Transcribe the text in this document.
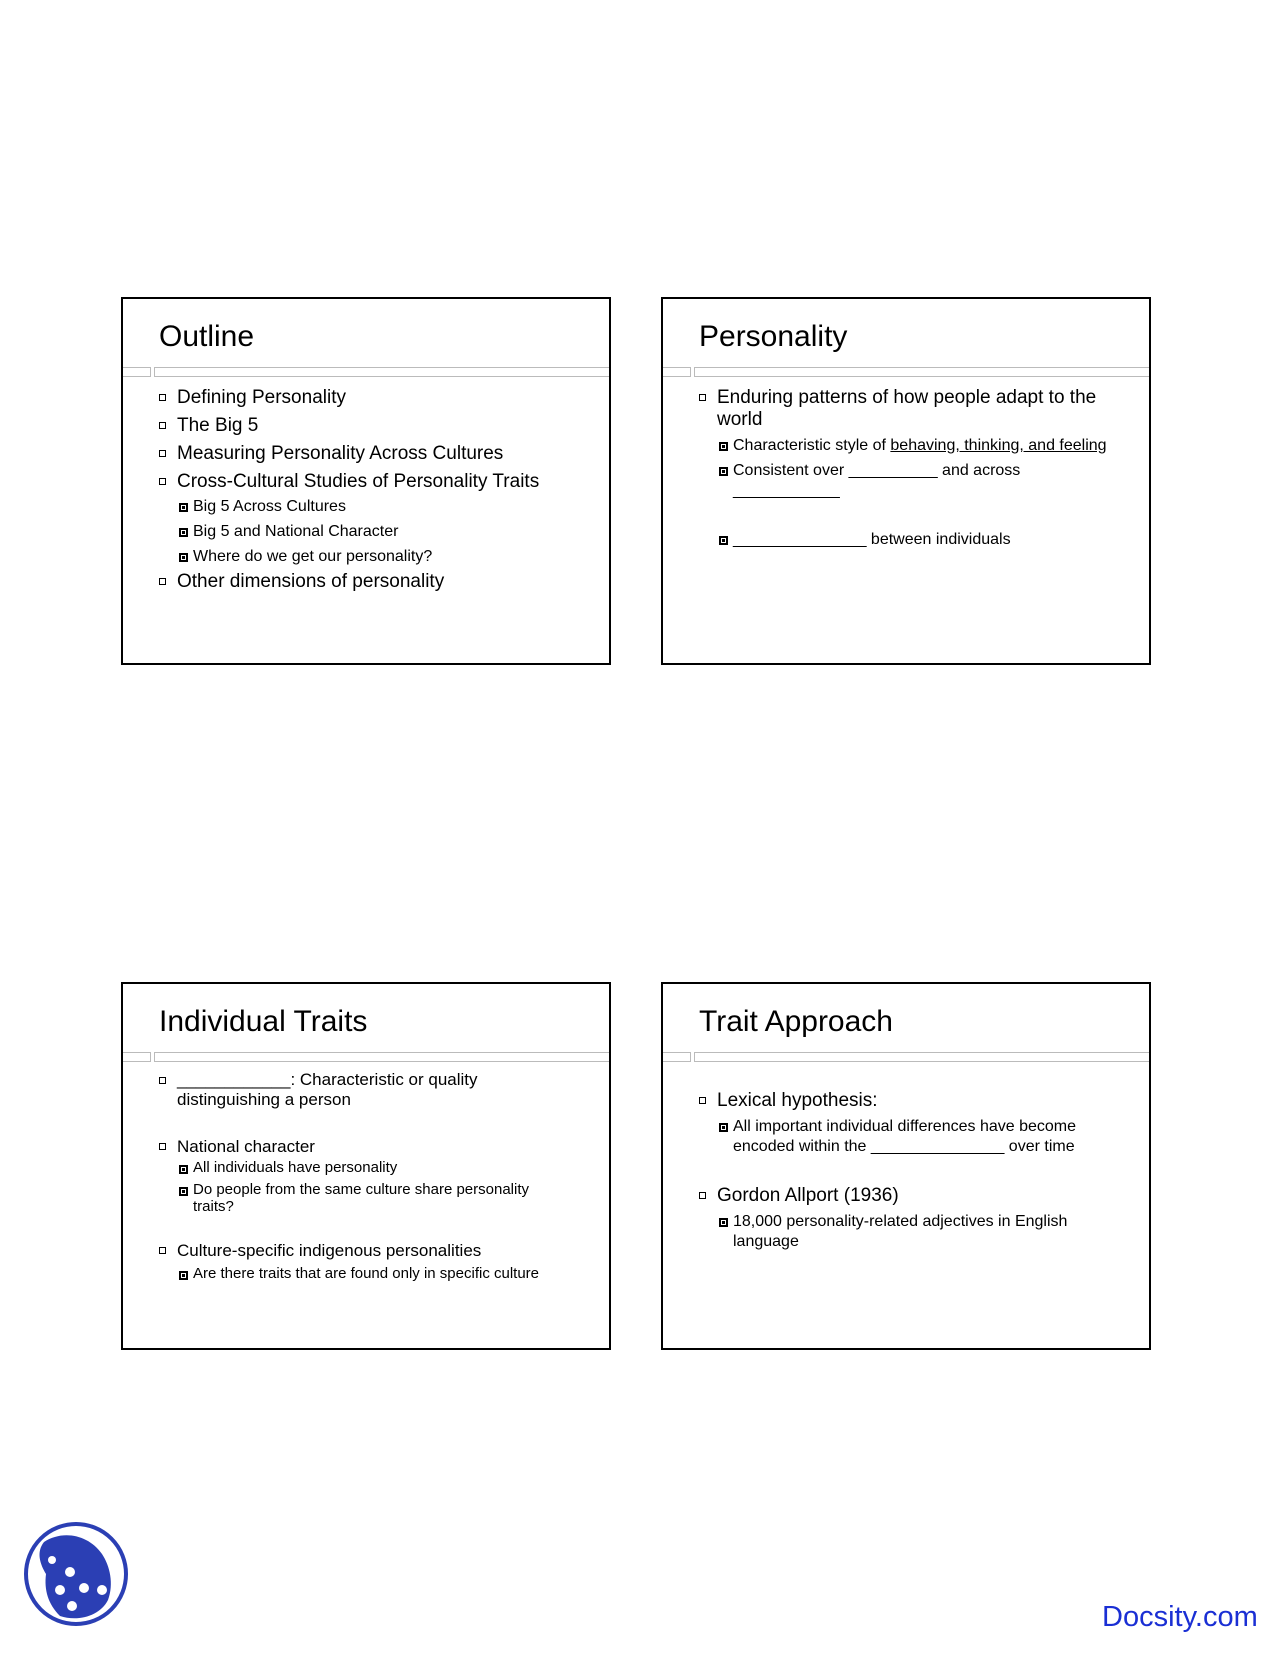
Outline
Defining Personality
The Big 5
Measuring Personality Across Cultures
Cross-Cultural Studies of Personality Traits
Big 5 Across Cultures
Big 5 and National Character
Where do we get our personality?
Other dimensions of personality
Personality
Enduring patterns of how people adapt to the world
Characteristic style of behaving, thinking, and feeling
Consistent over __________ and across ____________
_______________ between individuals
Individual Traits
____________: Characteristic or quality distinguishing a person
National character
All individuals have personality
Do people from the same culture share personality traits?
Culture-specific indigenous personalities
Are there traits that are found only in specific culture
Trait Approach
Lexical hypothesis:
All important individual differences have become encoded within the _______________ over time
Gordon Allport (1936)
18,000 personality-related adjectives in English language
Docsity.com
